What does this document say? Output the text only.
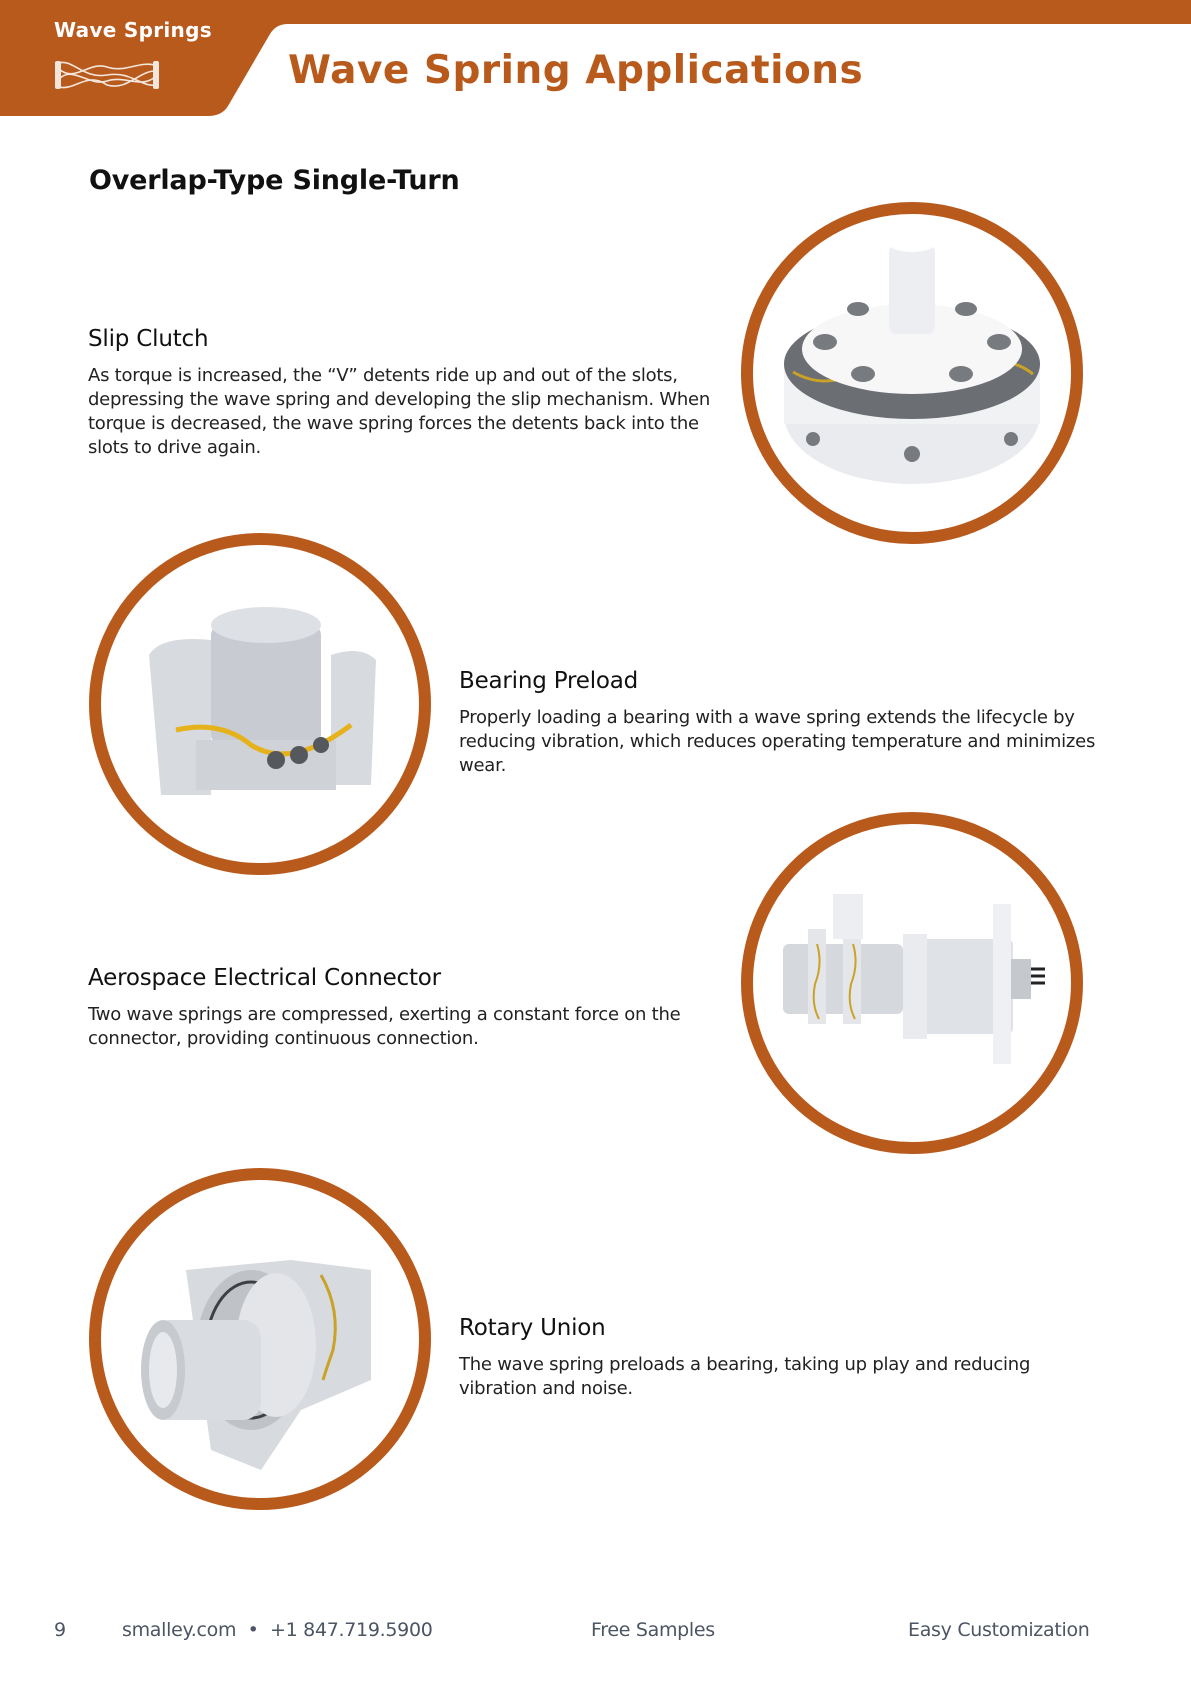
Wave Springs
Wave Spring Applications
Overlap-Type Single-Turn
Slip Clutch

As torque is increased, the “V” detents ride up and out of the slots, depressing the wave spring and developing the slip mechanism. When torque is decreased, the wave spring forces the detents back into the slots to drive again.

Bearing Preload

Properly loading a bearing with a wave spring extends the lifecycle by reducing vibration, which reduces operating temperature and minimizes wear.

Aerospace Electrical Connector

Two wave springs are compressed, exerting a constant force on the connector, providing continuous connection.

Rotary Union

The wave spring preloads a bearing, taking up play and reducing vibration and noise.

9	smalley.com  •  +1 847.719.5900	Free Samples	Easy Customization
